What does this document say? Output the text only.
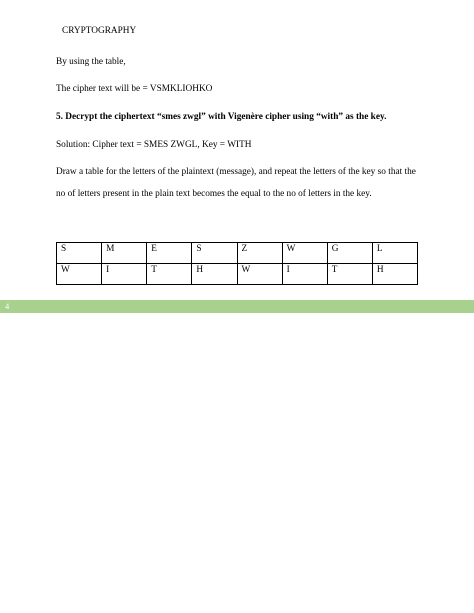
CRYPTOGRAPHY
By using the table,
The cipher text will be = VSMKLIOHKO
5. Decrypt the ciphertext “smes zwgl” with Vigenère cipher using “with” as the key.
Solution: Cipher text = SMES ZWGL, Key = WITH
Draw a table for the letters of the plaintext (message), and repeat the letters of the key so that the
no of letters present in the plain text becomes the equal to the no of letters in the key.
S	M	E	S	Z	W	G	L
W	I	T	H	W	I	T	H
4
